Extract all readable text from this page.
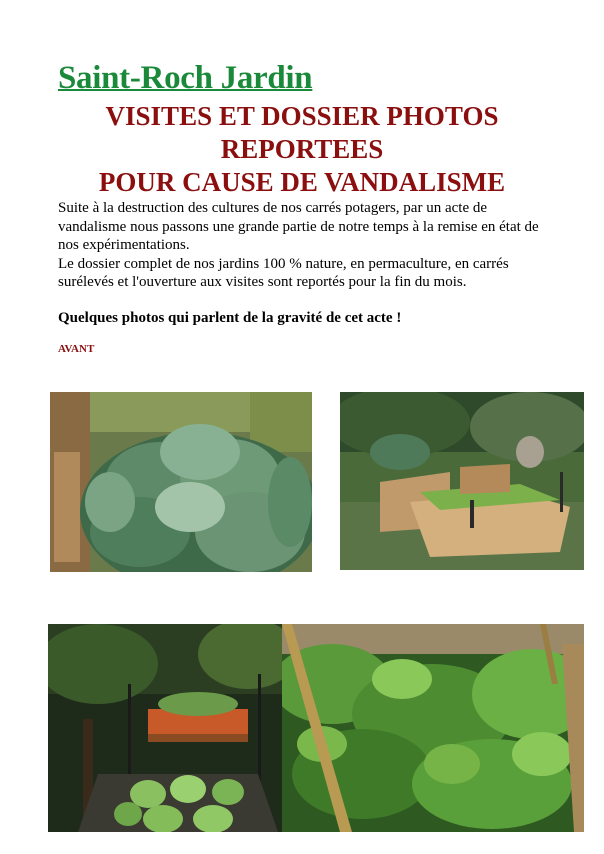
Saint-Roch Jardin
VISITES ET DOSSIER PHOTOS
REPORTEES
POUR CAUSE DE VANDALISME

Suite à la destruction des cultures de nos carrés potagers, par un acte de vandalisme nous passons une grande partie de notre temps à la remise en état de nos expérimentations.
Le dossier complet de nos jardins 100 % nature, en permaculture, en carrés surélevés et l'ouverture aux visites sont reportés pour la fin du mois.

Quelques photos qui parlent de la gravité de cet acte !

AVANT
